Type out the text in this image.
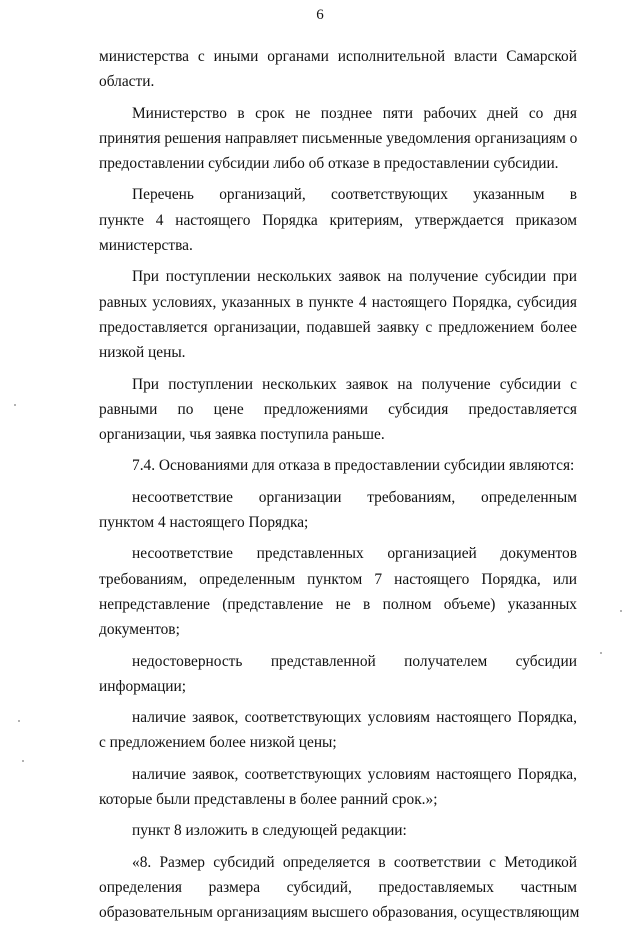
6
министерства с иными органами исполнительной власти Самарской
области.
Министерство в срок не позднее пяти рабочих дней со дня
принятия решения направляет письменные уведомления организациям о
предоставлении субсидии либо об отказе в предоставлении субсидии.
Перечень организаций, соответствующих указанным в
пункте 4 настоящего Порядка критериям, утверждается приказом
министерства.
При поступлении нескольких заявок на получение субсидии при
равных условиях, указанных в пункте 4 настоящего Порядка, субсидия
предоставляется организации, подавшей заявку с предложением более
низкой цены.
При поступлении нескольких заявок на получение субсидии с
равными по цене предложениями субсидия предоставляется
организации, чья заявка поступила раньше.
7.4. Основаниями для отказа в предоставлении субсидии являются:
несоответствие организации требованиям, определенным
пунктом 4 настоящего Порядка;
несоответствие представленных организацией документов
требованиям, определенным пунктом 7 настоящего Порядка, или
непредставление (представление не в полном объеме) указанных
документов;
недостоверность представленной получателем субсидии
информации;
наличие заявок, соответствующих условиям настоящего Порядка,
с предложением более низкой цены;
наличие заявок, соответствующих условиям настоящего Порядка,
которые были представлены в более ранний срок.»;
пункт 8 изложить в следующей редакции:
«8. Размер субсидий определяется в соответствии с Методикой
определения размера субсидий, предоставляемых частным
образовательным организациям высшего образования, осуществляющим
